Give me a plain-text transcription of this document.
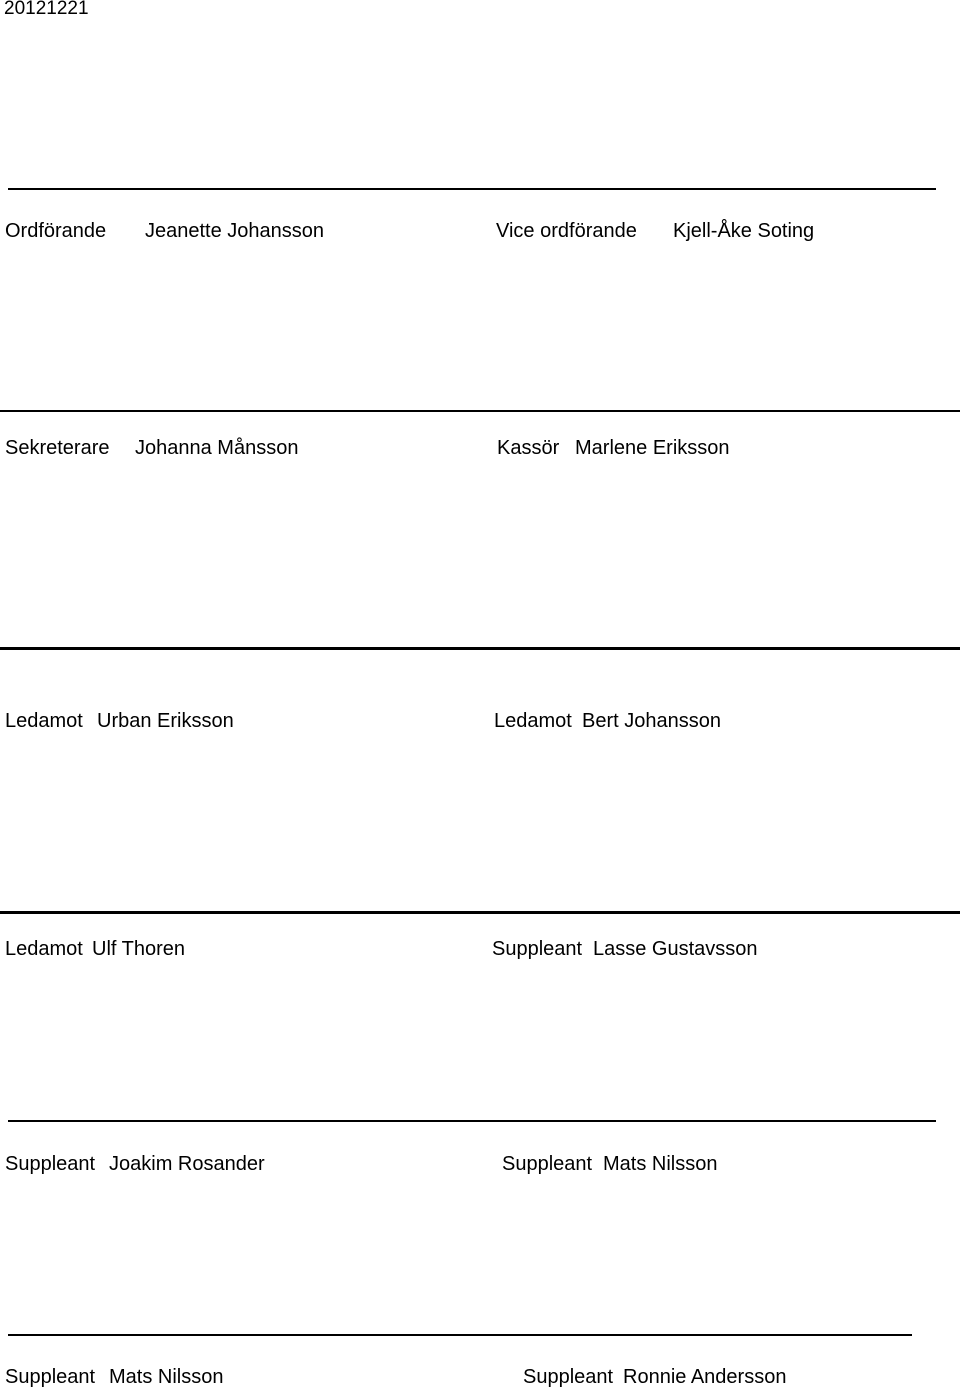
20121221
Ordförande Jeanette Johansson	Vice ordförande Kjell-Åke Soting
Sekreterare Johanna Månsson	Kassör Marlene Eriksson
Ledamot Urban Eriksson	Ledamot Bert Johansson
Ledamot Ulf Thoren	Suppleant Lasse Gustavsson
Suppleant Joakim Rosander	Suppleant Mats Nilsson
Suppleant Mats Nilsson	Suppleant Ronnie Andersson
